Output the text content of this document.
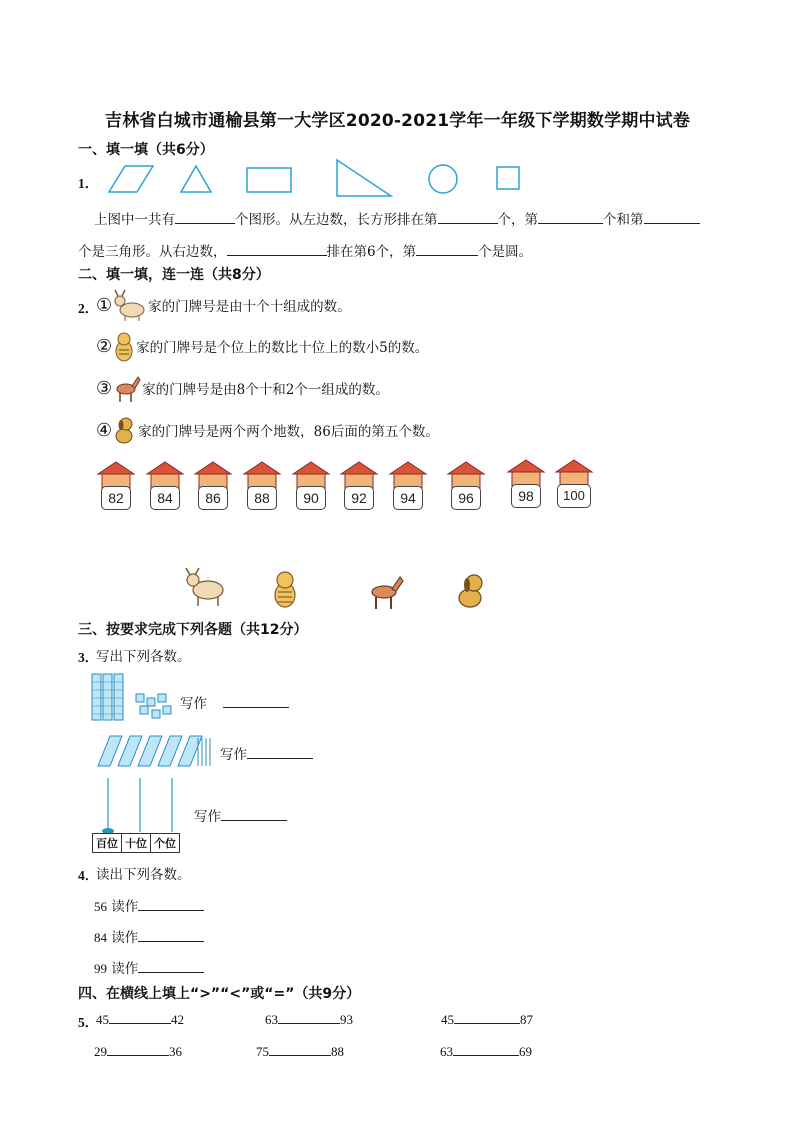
吉林省白城市通榆县第一大学区2020-2021学年一年级下学期数学期中试卷
一、填一填（共6分）
1．
上图中一共有	个图形。从左边数，长方形排在第	个，第	个和第
个是三角形。从右边数，	排在第6个，第	个是圆。
二、填一填，连一连（共8分）
2．
①	家的门牌号是由十个十组成的数。
② 家的门牌号是个位上的数比十位上的数小5的数。
③ 家的门牌号是由8个十和2个一组成的数。
④ 家的门牌号是两个两个地数，86后面的第五个数。
82	84	86	88	90	92	94	96	98	100
三、按要求完成下列各题（共12分）
3．
写出下列各数。
写作
写作
百位 十位 个位
写作
4．
读出下列各数。
56 读作
84 读作
99 读作
四、在横线上填上“>”“<”或“=”（共9分）
5．
45	42	63	93	45	87
29	36	75	88	63	69
